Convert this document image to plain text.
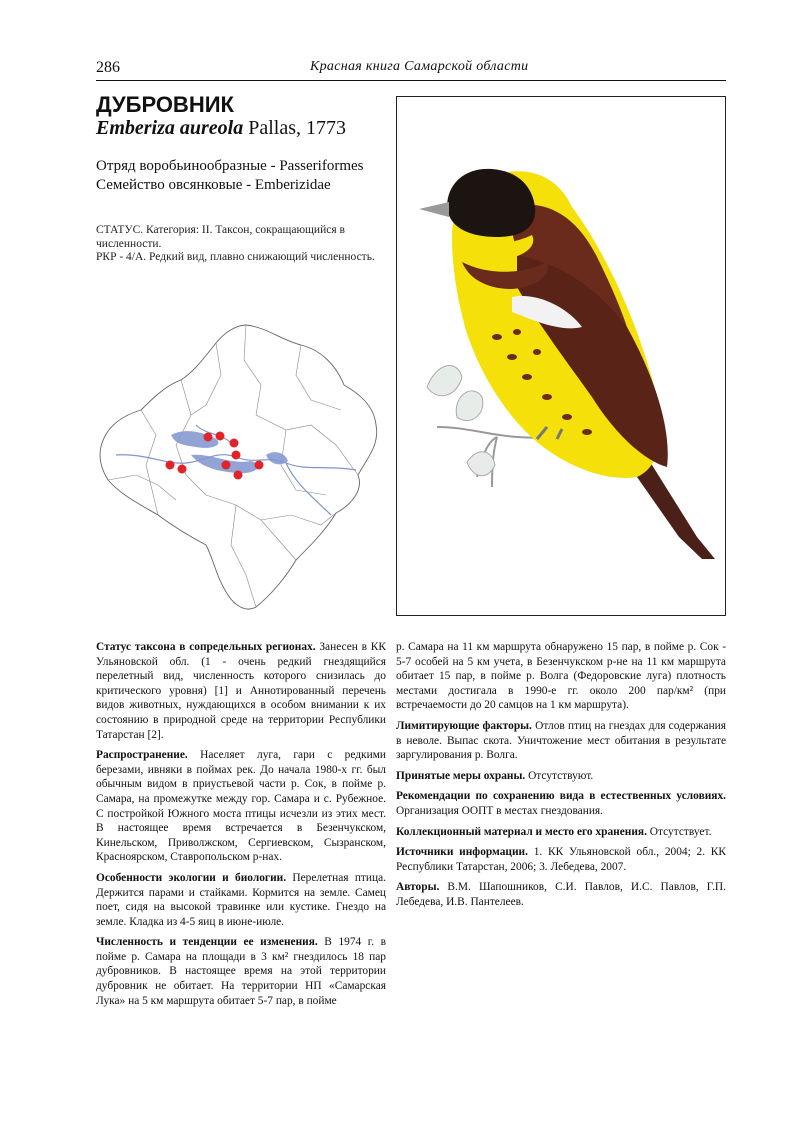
286	Красная книга Самарской области
ДУБРОВНИК
Emberiza aureola Pallas, 1773
Отряд воробьинообразные - Passeriformes
Семейство овсянковые - Emberizidae
СТАТУС. Категория: II. Таксон, сокращающийся в численности.
РКР - 4/А. Редкий вид, плавно снижающий численность.

Статус таксона в сопредельных регионах. Занесен в КК Ульяновской обл. (1 - очень редкий гнездящийся перелетный вид, численность которого снизилась до критического уровня) [1] и Аннотированный перечень видов животных, нуждающихся в особом внимании к их состоянию в природной среде на территории Республики Татарстан [2].

Распространение. Населяет луга, гари с редкими березами, ивняки в поймах рек. До начала 1980-х гг. был обычным видом в приустьевой части р. Сок, в пойме р. Самара, на промежутке между гор. Самара и с. Рубежное. С постройкой Южного моста птицы исчезли из этих мест. В настоящее время встречается в Безенчукском, Кинельском, Приволжском, Сергиевском, Сызранском, Красноярском, Ставропольском р-нах.

Особенности экологии и биологии. Перелетная птица. Держится парами и стайками. Кормится на земле. Самец поет, сидя на высокой травинке или кустике. Гнездо на земле. Кладка из 4-5 яиц в июне-июле.

Численность и тенденции ее изменения. В 1974 г. в пойме р. Самара на площади в 3 км² гнездилось 18 пар дубровников. В настоящее время на этой территории дубровник не обитает. На территории НП «Самарская Лука» на 5 км маршрута обитает 5-7 пар, в пойме

р. Самара на 11 км маршрута обнаружено 15 пар, в пойме р. Сок - 5-7 особей на 5 км учета, в Безенчукском р-не на 11 км маршрута обитает 15 пар, в пойме р. Волга (Федоровские луга) плотность местами достигала в 1990-е гг. около 200 пар/км² (при встречаемости до 20 самцов на 1 км маршрута).

Лимитирующие факторы. Отлов птиц на гнездах для содержания в неволе. Выпас скота. Уничтожение мест обитания в результате заргулирования р. Волга.

Принятые меры охраны. Отсутствуют.

Рекомендации по сохранению вида в естественных условиях. Организация ООПТ в местах гнездования.

Коллекционный материал и место его хранения. Отсутствует.

Источники информации. 1. КК Ульяновской обл., 2004; 2. КК Республики Татарстан, 2006; 3. Лебедева, 2007.

Авторы. В.М. Шапошников, С.И. Павлов, И.С. Павлов, Г.П. Лебедева, И.В. Пантелеев.
